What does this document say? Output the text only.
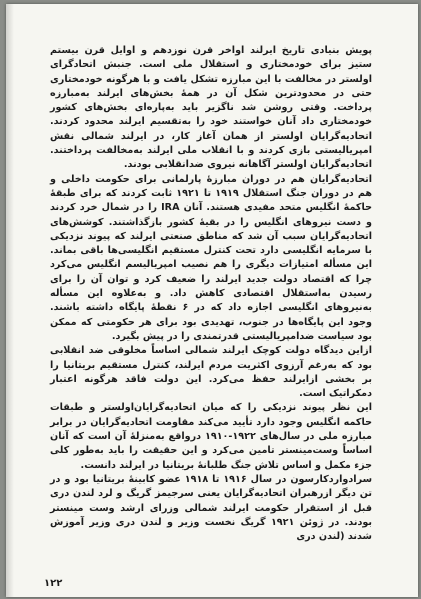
پویش بنیادی تاریخ ایرلند اواخر قرن نوزدهم و اوایل قرن بیستم ستیز برای خودمختاری و استقلال ملی است. جنبش اتحادگرای اولستر در مخالفت با این مبارزه تشکل یافت و با هرگونه خودمختاری حتی در محدودترین شکل آن در همهٔ بخش‌های ایرلند به‌مبارزه پرداخت. وقتی روشن شد ناگزیر باید به‌پاره‌ای بخش‌های کشور خودمختاری داد آنان خواستند خود را به‌تقسیم ایرلند محدود کردند. اتحادیه‌گرایان اولستر از همان آغاز کار، در ایرلند شمالی نقش امپریالیستی بازی کردند و با انقلاب ملی ایرلند به‌مخالفت پرداختند. اتحادیه‌گرایان اولستر آگاهانه نیروی ضدانقلابی بودند.

اتحادیه‌گرایان هم در دوران مبارزهٔ پارلمانی برای حکومت داخلی و هم در دوران جنگ استقلال ۱۹۱۹ تا ۱۹۲۱ ثابت کردند که برای طبقهٔ حاکمهٔ انگلیس متحد مفیدی هستند. آنان IRA را در شمال خرد کردند و دست نیروهای انگلیس را در بقیهٔ کشور بازگذاشتند. کوشش‌های اتحادیه‌گرایان سبب آن شد که مناطق صنعتی ایرلند که پیوند نزدیکی با سرمایه انگلیسی دارد تحت کنترل مستقیم انگلیسی‌ها باقی بماند. این مسأله امتیازات دیگری را هم نصیب امپریالیسم انگلیس می‌کرد چرا که اقتصاد دولت جدید ایرلند را ضعیف کرد و توان آن را برای رسیدن به‌استقلال اقتصادی کاهش داد. و به‌علاوه این مسأله به‌نیروهای انگلیسی اجازه داد که در ۶ نقطهٔ پایگاه داشته باشند. وجود این پایگاه‌ها در جنوب‌، تهدیدی بود برای هر حکومتی که ممکن بود سیاست ضدامپریالیستی قدرتمندی را در پیش بگیرد.

ازاین دیدگاه دولت کوچک ایرلند شمالی اساساً مخلوقی ضد انقلابی بود که به‌رغم آرزوی اکثریت مردم ایرلند، کنترل مستقیم بریتانیا را بر بخشی ازایرلند حفظ می‌کرد. این دولت فاقد هرگونه اعتبار دمکراتیک است.

این نظر پیوند نزدیکی را که میان اتحادیه‌گرایان‌اولستر و طبقات حاکمه انگلیس وجود دارد تأیید می‌کند مقاومت اتحادیه‌گرایان در برابر مبارزه ملی در سال‌های ۱۹۲۲-۱۹۱۰ درواقع به‌منزلهٔ آن است که آنان اساساً وست‌مینستر تامین می‌کرد و این حقیقت را باید به‌طور کلی جزء مکمل و اساس تلاش جنگ طلبانهٔ بریتانیا در ایرلند دانست.

سرادوارد‌کارسون در سال ۱۹۱۶ تا ۱۹۱۸ عضو کابینهٔ بریتانیا بود و در تن دیگر ازرهبران اتحادیه‌گرایان یعنی سرجیمز گریگ و لرد لندن دری قبل از استقرار حکومت ایرلند شمالی وزرای ارشد وست مینستر بودند. در ژوئن ۱۹۲۱ گریگ نخست وزیر و لندن دری وزیر آموزش شدند (لندن دری

۱۲۲
